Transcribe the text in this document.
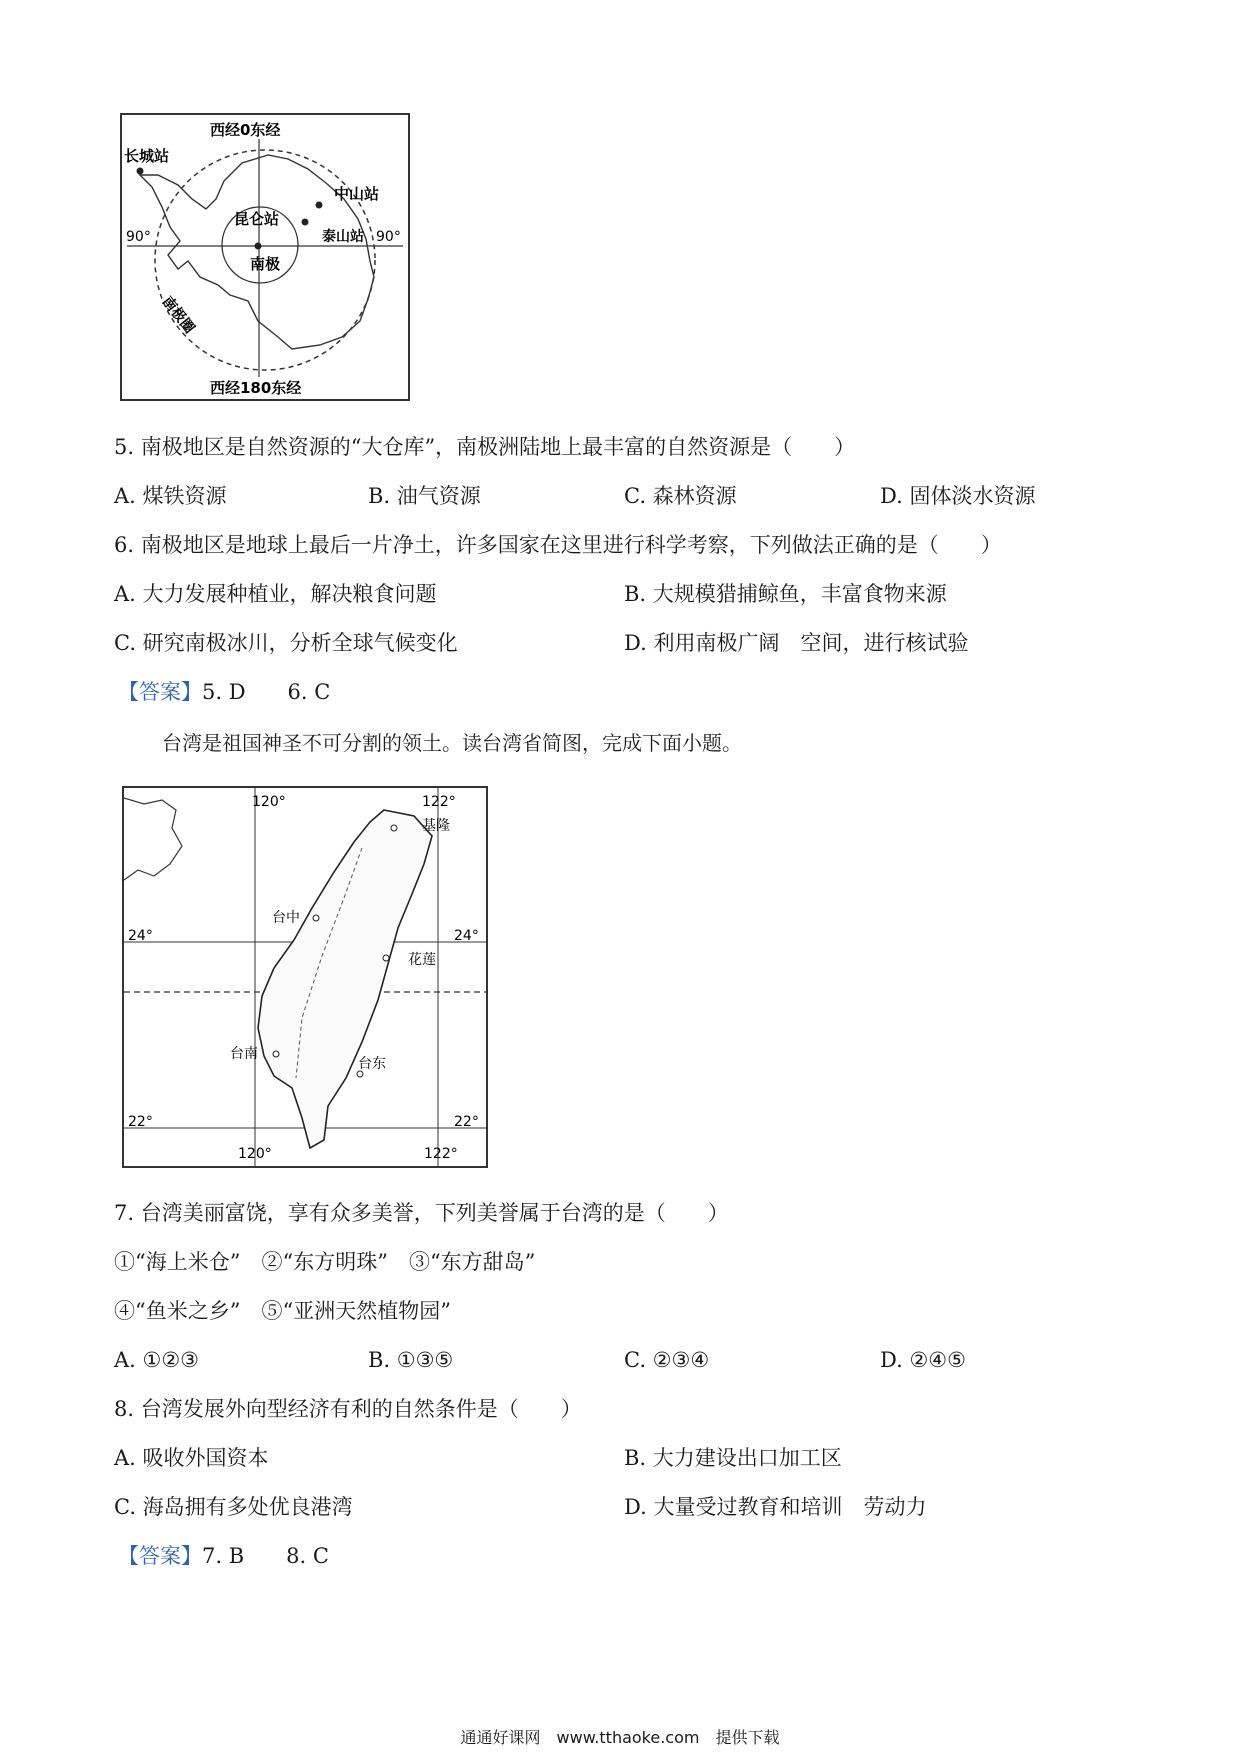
西经0东经
西经180东经
90°	90°
长城站
中山站
昆仑站
泰山站
南极
南极圈
5. 南极地区是自然资源的“大仓库”，南极洲陆地上最丰富的自然资源是（　　）
A. 煤铁资源	B. 油气资源	C. 森林资源	D. 固体淡水资源
6. 南极地区是地球上最后一片净土，许多国家在这里进行科学考察，下列做法正确的是（　　）
A. 大力发展种植业，解决粮食问题	B. 大规模猎捕鲸鱼，丰富食物来源
C. 研究南极冰川，分析全球气候变化	D. 利用南极广阔　空间，进行核试验
【答案】5. D　　6. C
台湾是祖国神圣不可分割的领土。读台湾省简图，完成下面小题。
120°	122°
120°	122°
24°	24°
22°	22°
基隆
台中
花莲
台南
台东
7. 台湾美丽富饶，享有众多美誉，下列美誉属于台湾的是（　　）
①“海上米仓”　②“东方明珠”　③“东方甜岛”
④“鱼米之乡”　⑤“亚洲天然植物园”
A. ①②③	B. ①③⑤	C. ②③④	D. ②④⑤
8. 台湾发展外向型经济有利的自然条件是（　　）
A. 吸收外国资本	B. 大力建设出口加工区
C. 海岛拥有多处优良港湾	D. 大量受过教育和培训　劳动力
【答案】7. B　　8. C
通通好课网　www.tthaoke.com　提供下载
